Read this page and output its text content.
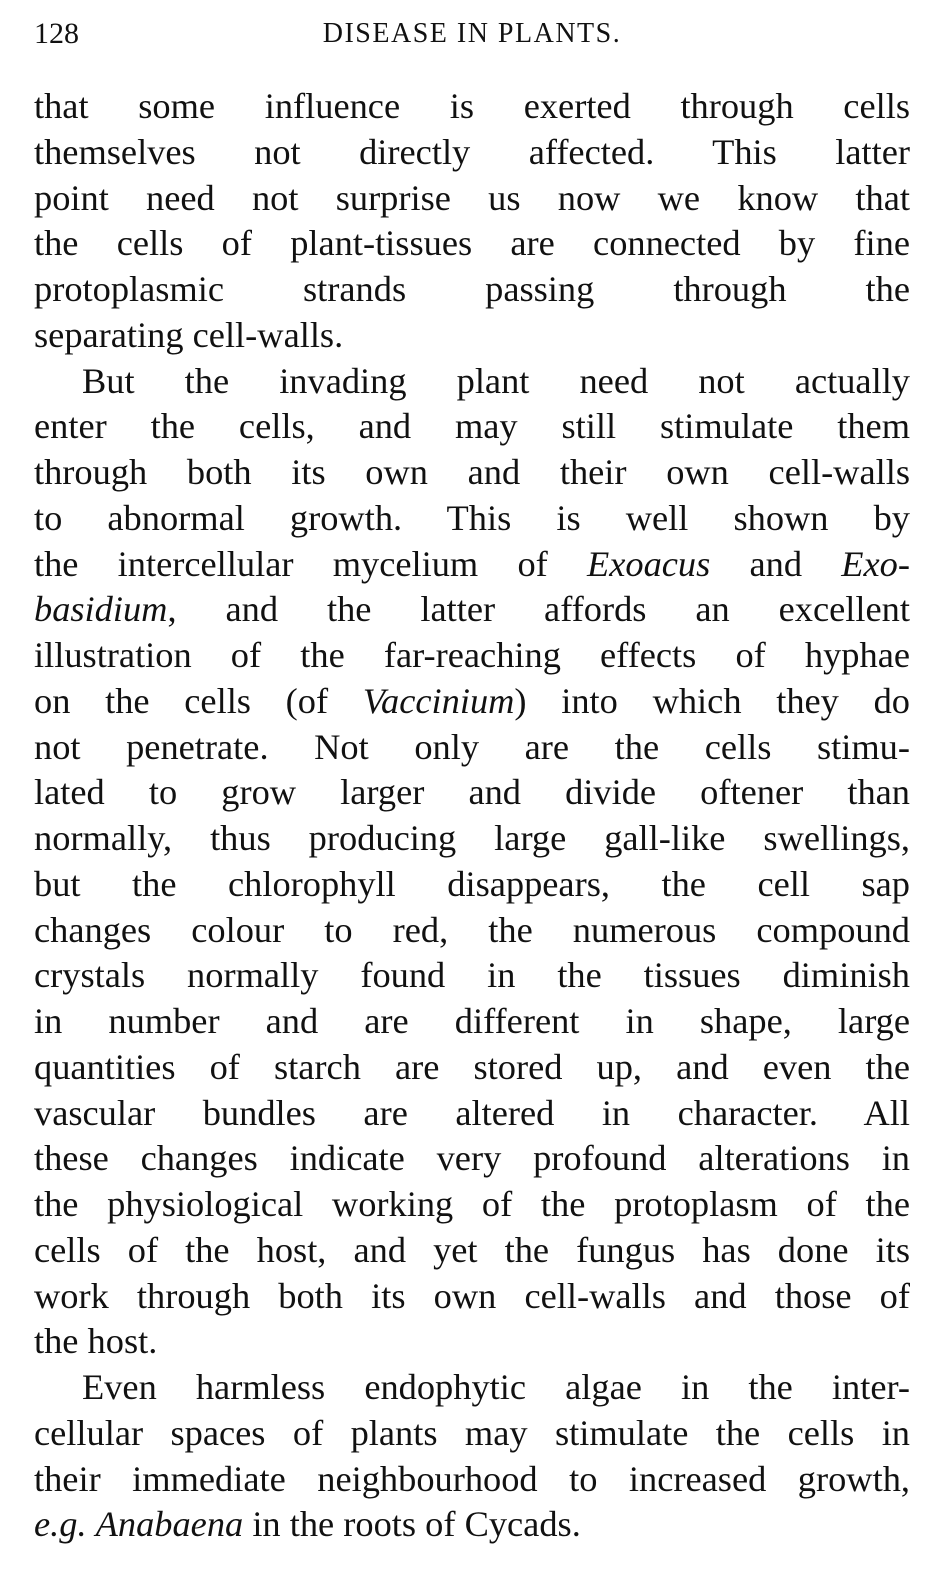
128	DISEASE IN PLANTS.

that some influence is exerted through cells
themselves not directly affected. This latter
point need not surprise us now we know that
the cells of plant-tissues are connected by fine
protoplasmic strands passing through the
separating cell-walls.

But the invading plant need not actually
enter the cells, and may still stimulate them
through both its own and their own cell-walls
to abnormal growth. This is well shown by
the intercellular mycelium of Exoacus and Exo-
basidium, and the latter affords an excellent
illustration of the far-reaching effects of hyphae
on the cells (of Vaccinium) into which they do
not penetrate. Not only are the cells stimu-
lated to grow larger and divide oftener than
normally, thus producing large gall-like swellings,
but the chlorophyll disappears, the cell sap
changes colour to red, the numerous compound
crystals normally found in the tissues diminish
in number and are different in shape, large
quantities of starch are stored up, and even the
vascular bundles are altered in character. All
these changes indicate very profound alterations in
the physiological working of the protoplasm of the
cells of the host, and yet the fungus has done its
work through both its own cell-walls and those of
the host.

Even harmless endophytic algae in the inter-
cellular spaces of plants may stimulate the cells in
their immediate neighbourhood to increased growth,
e.g. Anabaena in the roots of Cycads.
